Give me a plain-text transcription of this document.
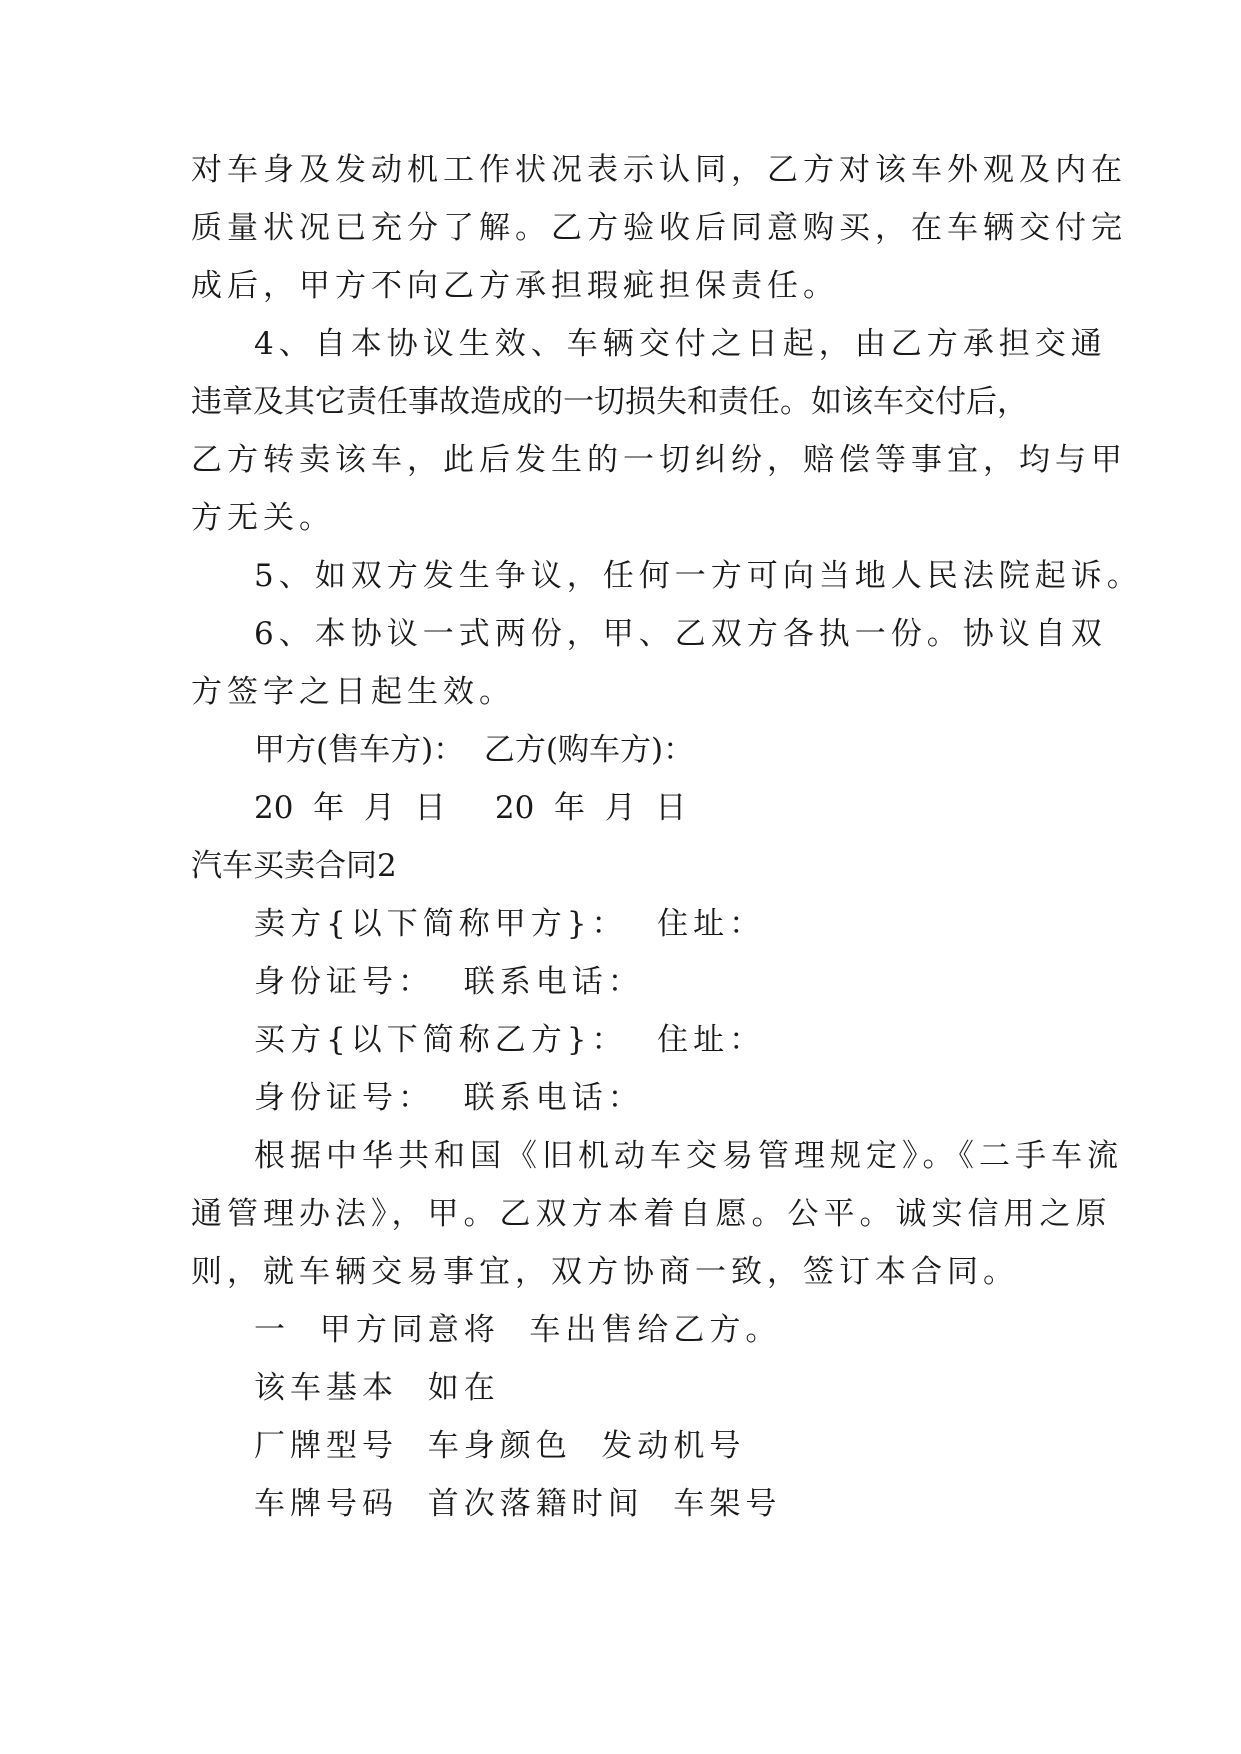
对车身及发动机工作状况表示认同，乙方对该车外观及内在
质量状况已充分了解。乙方验收后同意购买，在车辆交付完
成后，甲方不向乙方承担瑕疵担保责任。
4、自本协议生效、车辆交付之日起，由乙方承担交通
违章及其它责任事故造成的一切损失和责任。如该车交付后，
乙方转卖该车，此后发生的一切纠纷，赔偿等事宜，均与甲
方无关。
5、如双方发生争议，任何一方可向当地人民法院起诉。
6、本协议一式两份，甲、乙双方各执一份。协议自双
方签字之日起生效。
甲方(售车方)：  乙方(购车方)：
20  年  月  日     20  年  月  日
汽车买卖合同2
卖方{以下简称甲方}：  住址：
身份证号：  联系电话：
买方{以下简称乙方}：  住址：
身份证号：  联系电话：
根据中华共和国《旧机动车交易管理规定》。《二手车流
通管理办法》，甲。乙双方本着自愿。公平。诚实信用之原
则，就车辆交易事宜，双方协商一致，签订本合同。
一  甲方同意将  车出售给乙方。
该车基本  如在
厂牌型号  车身颜色  发动机号
车牌号码  首次落籍时间  车架号
